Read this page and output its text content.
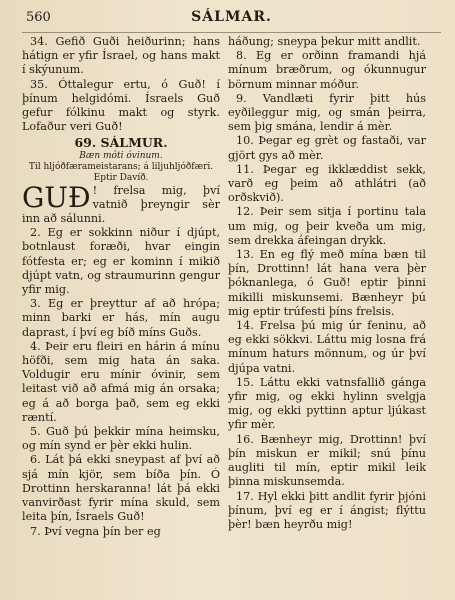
560	SÁLMAR.

34. Gefið Guði heiðurinn; hans hátign er yfir Ísrael, og hans makt í skýunum.

35. Óttalegur ertu, ó Guð! í þínum helgidómi. Ísraels Guð gefur fólkinu makt og styrk. Lofaður veri Guð!

69. SÁLMUR.
Bæn móti óvinum.
Til hljóðfærameistarans; á liljuhljóðfæri. Eptir Davíð.

GUÐ ! frelsa mig, því vatnið þreyngir sèr inn að sálunni.

2. Eg er sokkinn niður í djúpt, botnlaust foræði, hvar eingin fótfesta er; eg er kominn í mikið djúpt vatn, og straumurinn gengur yfir mig.

3. Eg er þreyttur af að hrópa; minn barki er hás, mín augu daprast, í því eg bíð míns Guðs.

4. Þeir eru fleiri en hárin á mínu höfði, sem mig hata án saka. Voldugir eru mínir óvinir, sem leitast við að afmá mig án orsaka; eg á að borga það, sem eg ekki ræntí.

5. Guð þú þekkir mína heimsku, og mín synd er þèr ekki hulin.

6. Lát þá ekki sneypast af því að sjá mín kjör, sem bíða þín. Ó Drottinn herskaranna! lát þá ekki vanvirðast fyrir mína skuld, sem leita þín, Ísraels Guð!

7. Því vegna þín ber eg

háðung; sneypa þekur mitt andlit.

8. Eg er orðinn framandi hjá mínum bræðrum, og ókunnugur börnum minnar móður.

9. Vandlæti fyrir þitt hús eyðileggur mig, og smán þeirra, sem þig smána, lendir á mèr.

10. Þegar eg grèt og fastaði, var gjört gys að mèr.

11. Þegar eg ikklæddist sekk, varð eg þeim að athlátri (að orðskvið).

12. Þeir sem sitja í portinu tala um mig, og þeir kveða um mig, sem drekka áfeingan drykk.

13. En eg flý með mína bæn til þín, Drottinn! lát hana vera þèr þóknanlega, ó Guð! eptir þinni mikilli miskunsemi. Bænheyr þú mig eptir trúfesti þíns frelsis.

14. Frelsa þú mig úr feninu, að eg ekki sökkvi. Láttu mig losna frá mínum haturs mönnum, og úr því djúpa vatni.

15. Láttu ekki vatnsfallið gánga yfir mig, og ekki hylinn svelgja mig, og ekki pyttinn aptur ljúkast yfir mèr.

16. Bænheyr mig, Drottinn! því þín miskun er mikil; snú þínu augliti til mín, eptir mikil leik þinna miskunsemda.

17. Hyl ekki þitt andlit fyrir þjóni þínum, því eg er í ángist; flýttu þèr! bæn heyrðu mig!
